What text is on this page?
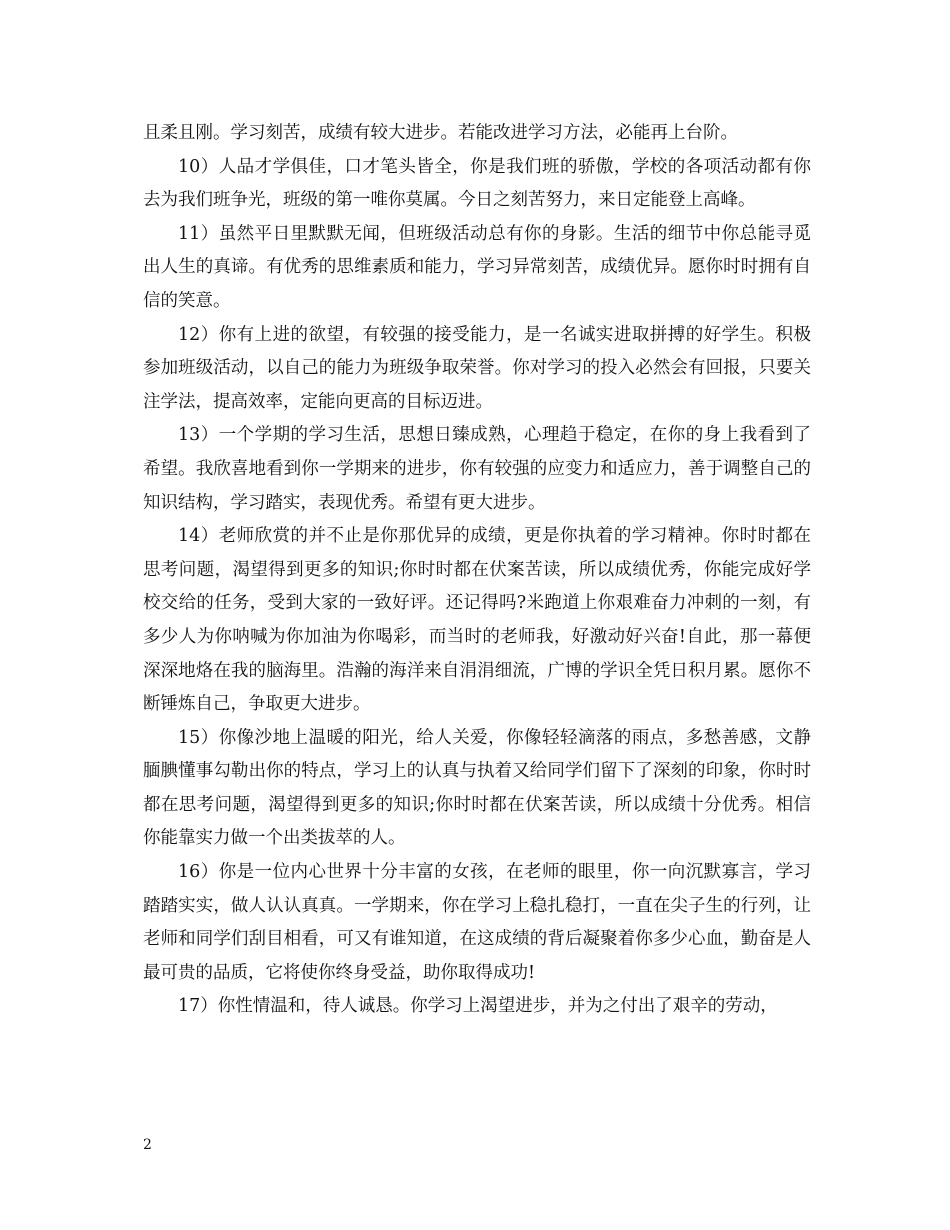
且柔且刚。学习刻苦，成绩有较大进步。若能改进学习方法，必能再上台阶。

10）人品才学俱佳，口才笔头皆全，你是我们班的骄傲，学校的各项活动都有你去为我们班争光，班级的第一唯你莫属。今日之刻苦努力，来日定能登上高峰。

11）虽然平日里默默无闻，但班级活动总有你的身影。生活的细节中你总能寻觅出人生的真谛。有优秀的思维素质和能力，学习异常刻苦，成绩优异。愿你时时拥有自信的笑意。

12）你有上进的欲望，有较强的接受能力，是一名诚实进取拼搏的好学生。积极参加班级活动，以自己的能力为班级争取荣誉。你对学习的投入必然会有回报，只要关注学法，提高效率，定能向更高的目标迈进。

13）一个学期的学习生活，思想日臻成熟，心理趋于稳定，在你的身上我看到了希望。我欣喜地看到你一学期来的进步，你有较强的应变力和适应力，善于调整自己的知识结构，学习踏实，表现优秀。希望有更大进步。

14）老师欣赏的并不止是你那优异的成绩，更是你执着的学习精神。你时时都在思考问题，渴望得到更多的知识;你时时都在伏案苦读，所以成绩优秀，你能完成好学校交给的任务，受到大家的一致好评。还记得吗?米跑道上你艰难奋力冲刺的一刻，有多少人为你呐喊为你加油为你喝彩，而当时的老师我，好激动好兴奋!自此，那一幕便深深地烙在我的脑海里。浩瀚的海洋来自涓涓细流，广博的学识全凭日积月累。愿你不断锤炼自己，争取更大进步。

15）你像沙地上温暖的阳光，给人关爱，你像轻轻滴落的雨点，多愁善感，文静腼腆懂事勾勒出你的特点，学习上的认真与执着又给同学们留下了深刻的印象，你时时都在思考问题，渴望得到更多的知识;你时时都在伏案苦读，所以成绩十分优秀。相信你能靠实力做一个出类拔萃的人。

16）你是一位内心世界十分丰富的女孩，在老师的眼里，你一向沉默寡言，学习踏踏实实，做人认认真真。一学期来，你在学习上稳扎稳打，一直在尖子生的行列，让老师和同学们刮目相看，可又有谁知道，在这成绩的背后凝聚着你多少心血，勤奋是人最可贵的品质，它将使你终身受益，助你取得成功!

17）你性情温和，待人诚恳。你学习上渴望进步，并为之付出了艰辛的劳动，

2
